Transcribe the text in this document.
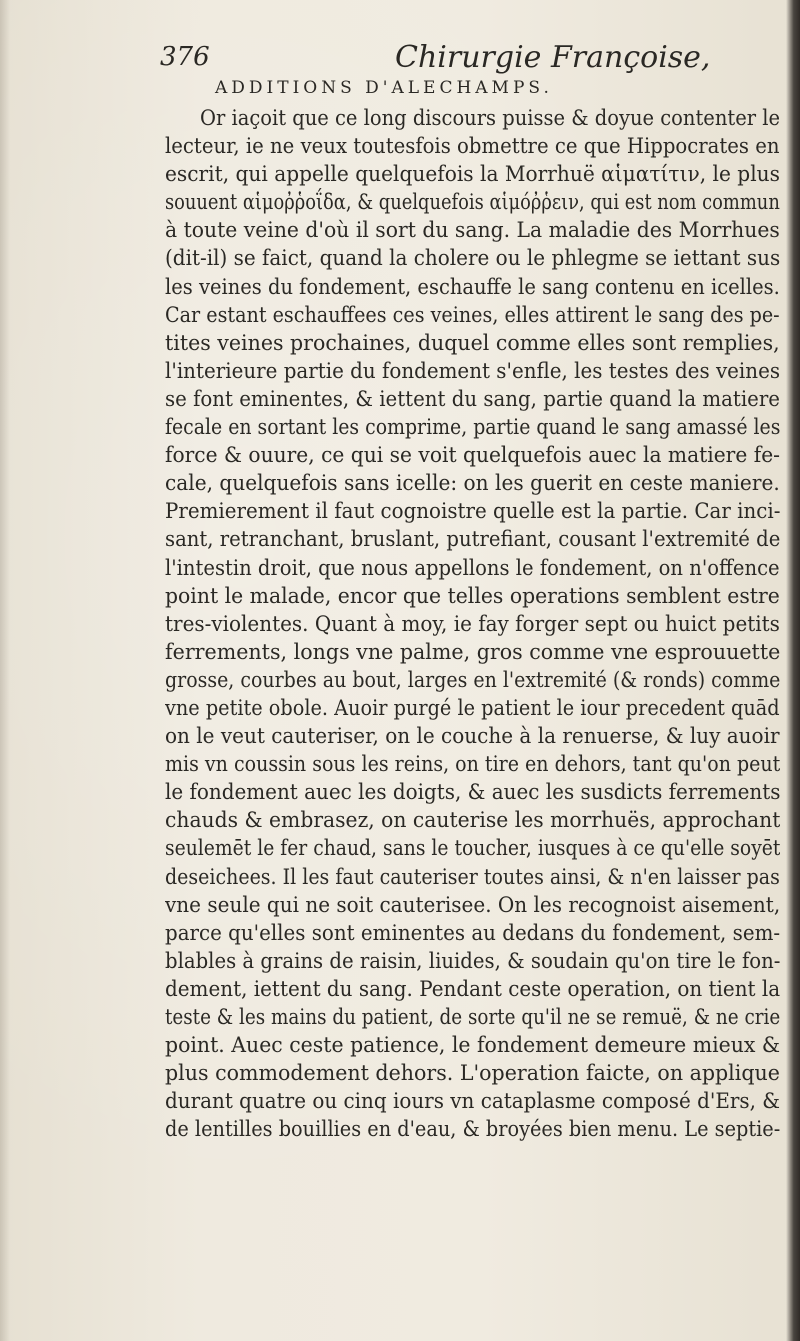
376	Chirurgie Françoise,
ADDITIONS D'ALECHAMPS.
Or iaçoit que ce long discours puisse & doyue contenter le
lecteur, ie ne veux toutesfois obmettre ce que Hippocrates en
escrit, qui appelle quelquefois la Morrhuë αἱματίτιν, le plus
souuent αἱμοῤῥοΐδα, & quelquefois αἱμόῤῥειν, qui est nom commun
à toute veine d'où il sort du sang. La maladie des Morrhues
(dit-il) se faict, quand la cholere ou le phlegme se iettant sus
les veines du fondement, eschauffe le sang contenu en icelles.
Car estant eschauffees ces veines, elles attirent le sang des pe-
tites veines prochaines, duquel comme elles sont remplies,
l'interieure partie du fondement s'enfle, les testes des veines
se font eminentes, & iettent du sang, partie quand la matiere
fecale en sortant les comprime, partie quand le sang amassé les
force & ouure, ce qui se voit quelquefois auec la matiere fe-
cale, quelquefois sans icelle: on les guerit en ceste maniere.
Premierement il faut cognoistre quelle est la partie. Car inci-
sant, retranchant, bruslant, putrefiant, cousant l'extremité de
l'intestin droit, que nous appellons le fondement, on n'offence
point le malade, encor que telles operations semblent estre
tres-violentes. Quant à moy, ie fay forger sept ou huict petits
ferrements, longs vne palme, gros comme vne esprouuette
grosse, courbes au bout, larges en l'extremité (& ronds) comme
vne petite obole. Auoir purgé le patient le iour precedent quād
on le veut cauteriser, on le couche à la renuerse, & luy auoir
mis vn coussin sous les reins, on tire en dehors, tant qu'on peut
le fondement auec les doigts, & auec les susdicts ferrements
chauds & embrasez, on cauterise les morrhuës, approchant
seulemēt le fer chaud, sans le toucher, iusques à ce qu'elle soyēt
deseichees. Il les faut cauteriser toutes ainsi, & n'en laisser pas
vne seule qui ne soit cauterisee. On les recognoist aisement,
parce qu'elles sont eminentes au dedans du fondement, sem-
blables à grains de raisin, liuides, & soudain qu'on tire le fon-
dement, iettent du sang. Pendant ceste operation, on tient la
teste & les mains du patient, de sorte qu'il ne se remuë, & ne crie
point. Auec ceste patience, le fondement demeure mieux &
plus commodement dehors. L'operation faicte, on applique
durant quatre ou cinq iours vn cataplasme composé d'Ers, &
de lentilles bouillies en d'eau, & broyées bien menu. Le septie-
